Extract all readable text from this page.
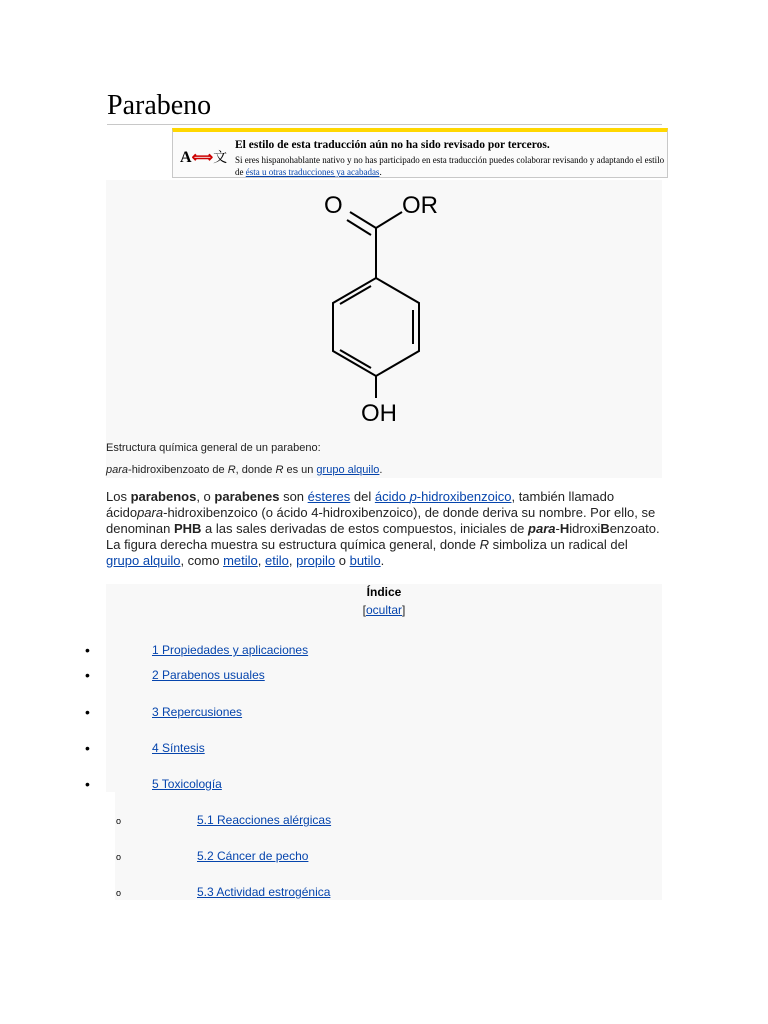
Parabeno
A⟺文
El estilo de esta traducción aún no ha sido revisado por terceros.
Si eres hispanohablante nativo y no has participado en esta traducción puedes colaborar revisando y adaptando el estilo de ésta u otras traducciones ya acabadas.
O OR
OH
Estructura química general de un parabeno:
para-hidroxibenzoato de R, donde R es un grupo alquilo.

Los parabenos, o parabenes son ésteres del ácido p-hidroxibenzoico, también llamado ácidopara-hidroxibenzoico (o ácido 4-hidroxibenzoico), de donde deriva su nombre. Por ello, se denominan PHB a las sales derivadas de estos compuestos, iniciales de para-HidroxiBenzoato. La figura derecha muestra su estructura química general, donde R simboliza un radical del grupo alquilo, como metilo, etilo, propilo o butilo.

Índice
[ocultar]
•	1 Propiedades y aplicaciones
•	2 Parabenos usuales
•	3 Repercusiones
•	4 Síntesis
•	5 Toxicología
o	5.1 Reacciones alérgicas
o	5.2 Cáncer de pecho
o	5.3 Actividad estrogénica
